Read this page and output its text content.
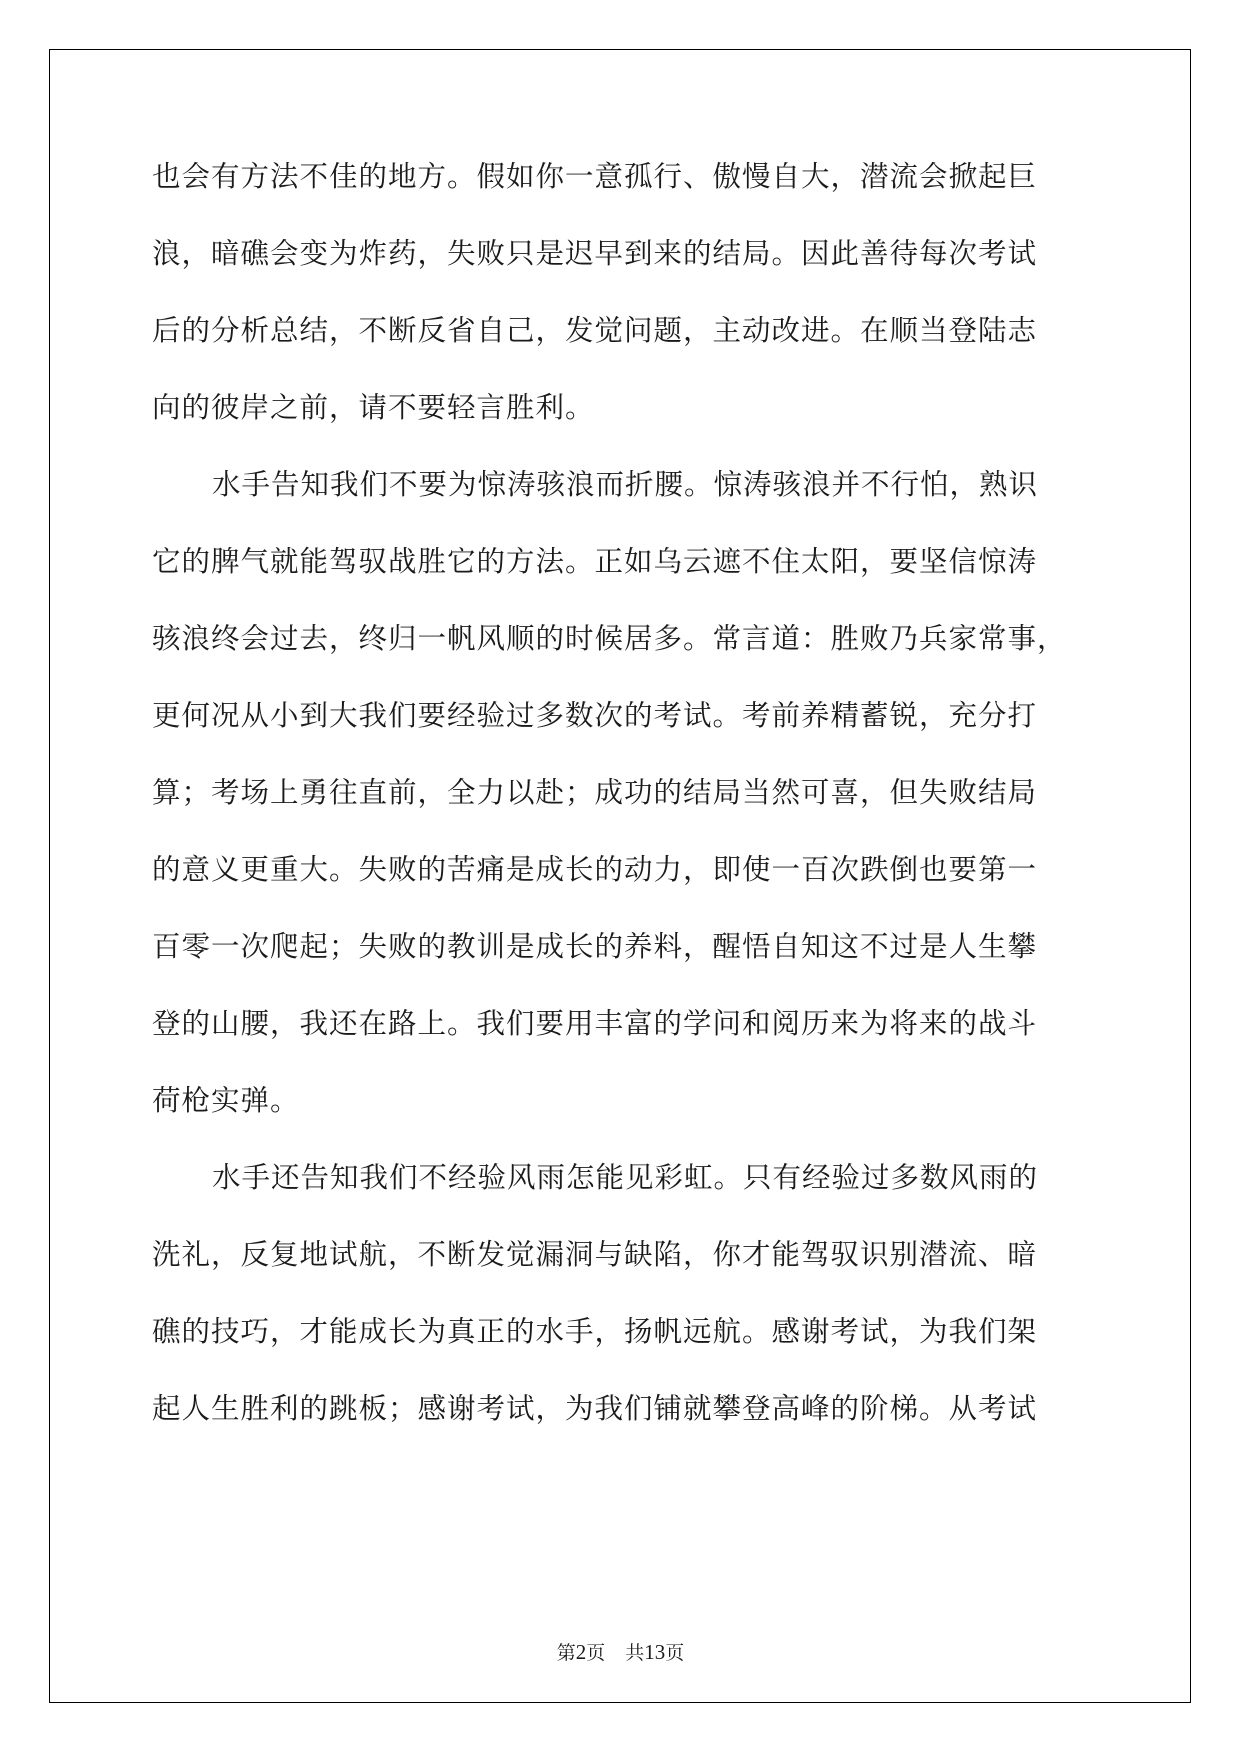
也会有方法不佳的地方。假如你一意孤行、傲慢自大，潜流会掀起巨
浪，暗礁会变为炸药，失败只是迟早到来的结局。因此善待每次考试
后的分析总结，不断反省自己，发觉问题，主动改进。在顺当登陆志
向的彼岸之前，请不要轻言胜利。
水手告知我们不要为惊涛骇浪而折腰。惊涛骇浪并不行怕，熟识
它的脾气就能驾驭战胜它的方法。正如乌云遮不住太阳，要坚信惊涛
骇浪终会过去，终归一帆风顺的时候居多。常言道：胜败乃兵家常事，
更何况从小到大我们要经验过多数次的考试。考前养精蓄锐，充分打
算；考场上勇往直前，全力以赴；成功的结局当然可喜，但失败结局
的意义更重大。失败的苦痛是成长的动力，即使一百次跌倒也要第一
百零一次爬起；失败的教训是成长的养料，醒悟自知这不过是人生攀
登的山腰，我还在路上。我们要用丰富的学问和阅历来为将来的战斗
荷枪实弹。
水手还告知我们不经验风雨怎能见彩虹。只有经验过多数风雨的
洗礼，反复地试航，不断发觉漏洞与缺陷，你才能驾驭识别潜流、暗
礁的技巧，才能成长为真正的水手，扬帆远航。感谢考试，为我们架
起人生胜利的跳板；感谢考试，为我们铺就攀登高峰的阶梯。从考试
第2页 共13页
